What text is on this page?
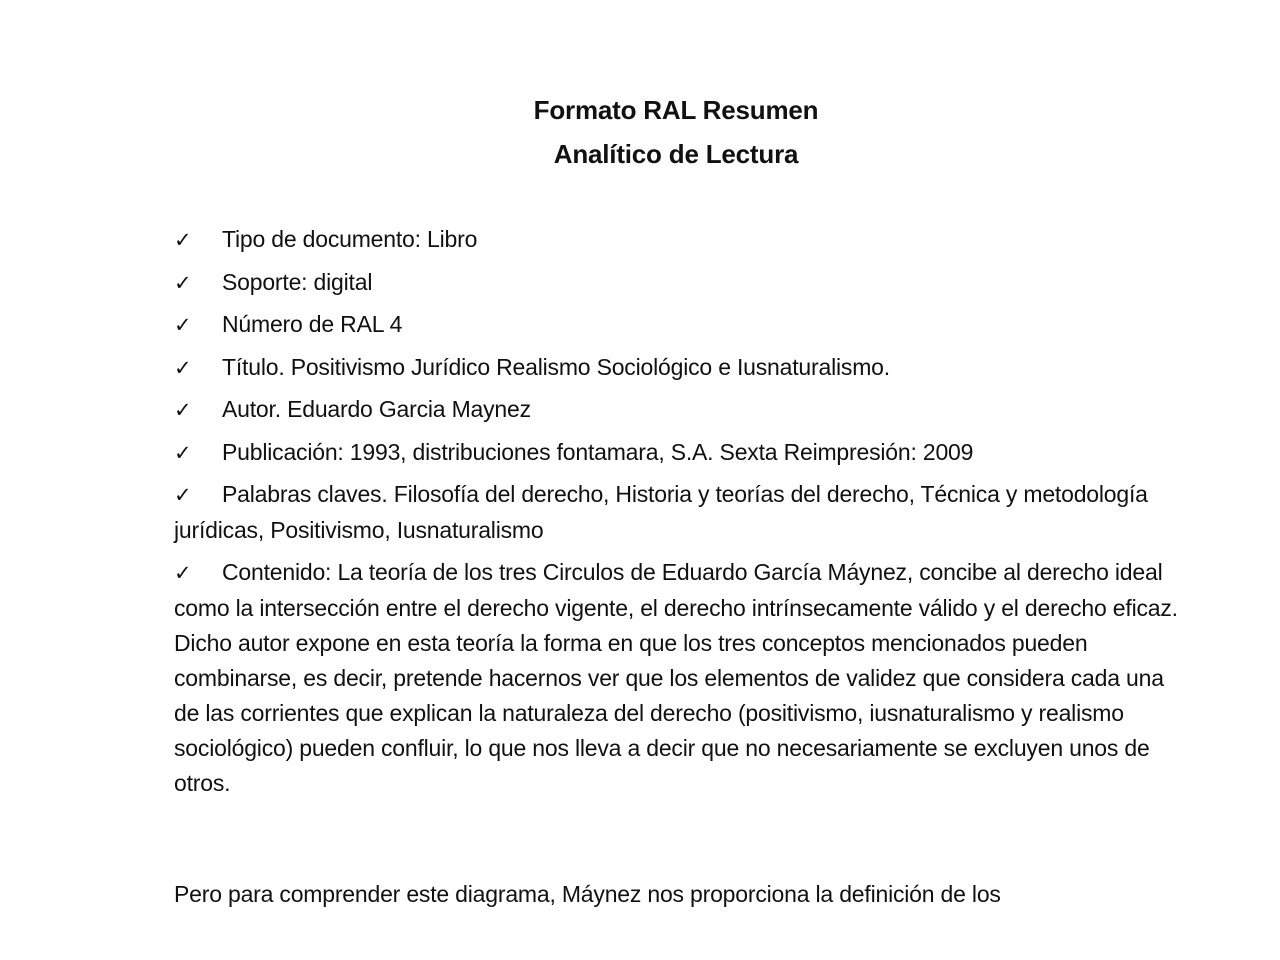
Formato RAL Resumen
Analítico de Lectura

✓ Tipo de documento: Libro

✓ Soporte: digital

✓ Número de RAL 4

✓ Título. Positivismo Jurídico Realismo Sociológico e Iusnaturalismo.

✓ Autor. Eduardo Garcia Maynez

✓ Publicación: 1993, distribuciones fontamara, S.A. Sexta Reimpresión: 2009

✓ Palabras claves. Filosofía del derecho, Historia y teorías del derecho, Técnica y metodología jurídicas, Positivismo, Iusnaturalismo

✓ Contenido: La teoría de los tres Circulos de Eduardo García Máynez, concibe al derecho ideal como la intersección entre el derecho vigente, el derecho intrínsecamente válido y el derecho eficaz. Dicho autor expone en esta teoría la forma en que los tres conceptos mencionados pueden combinarse, es decir, pretende hacernos ver que los elementos de validez que considera cada una de las corrientes que explican la naturaleza del derecho (positivismo, iusnaturalismo y realismo sociológico) pueden confluir, lo que nos lleva a decir que no necesariamente se excluyen unos de otros.

Pero para comprender este diagrama, Máynez nos proporciona la definición de los
